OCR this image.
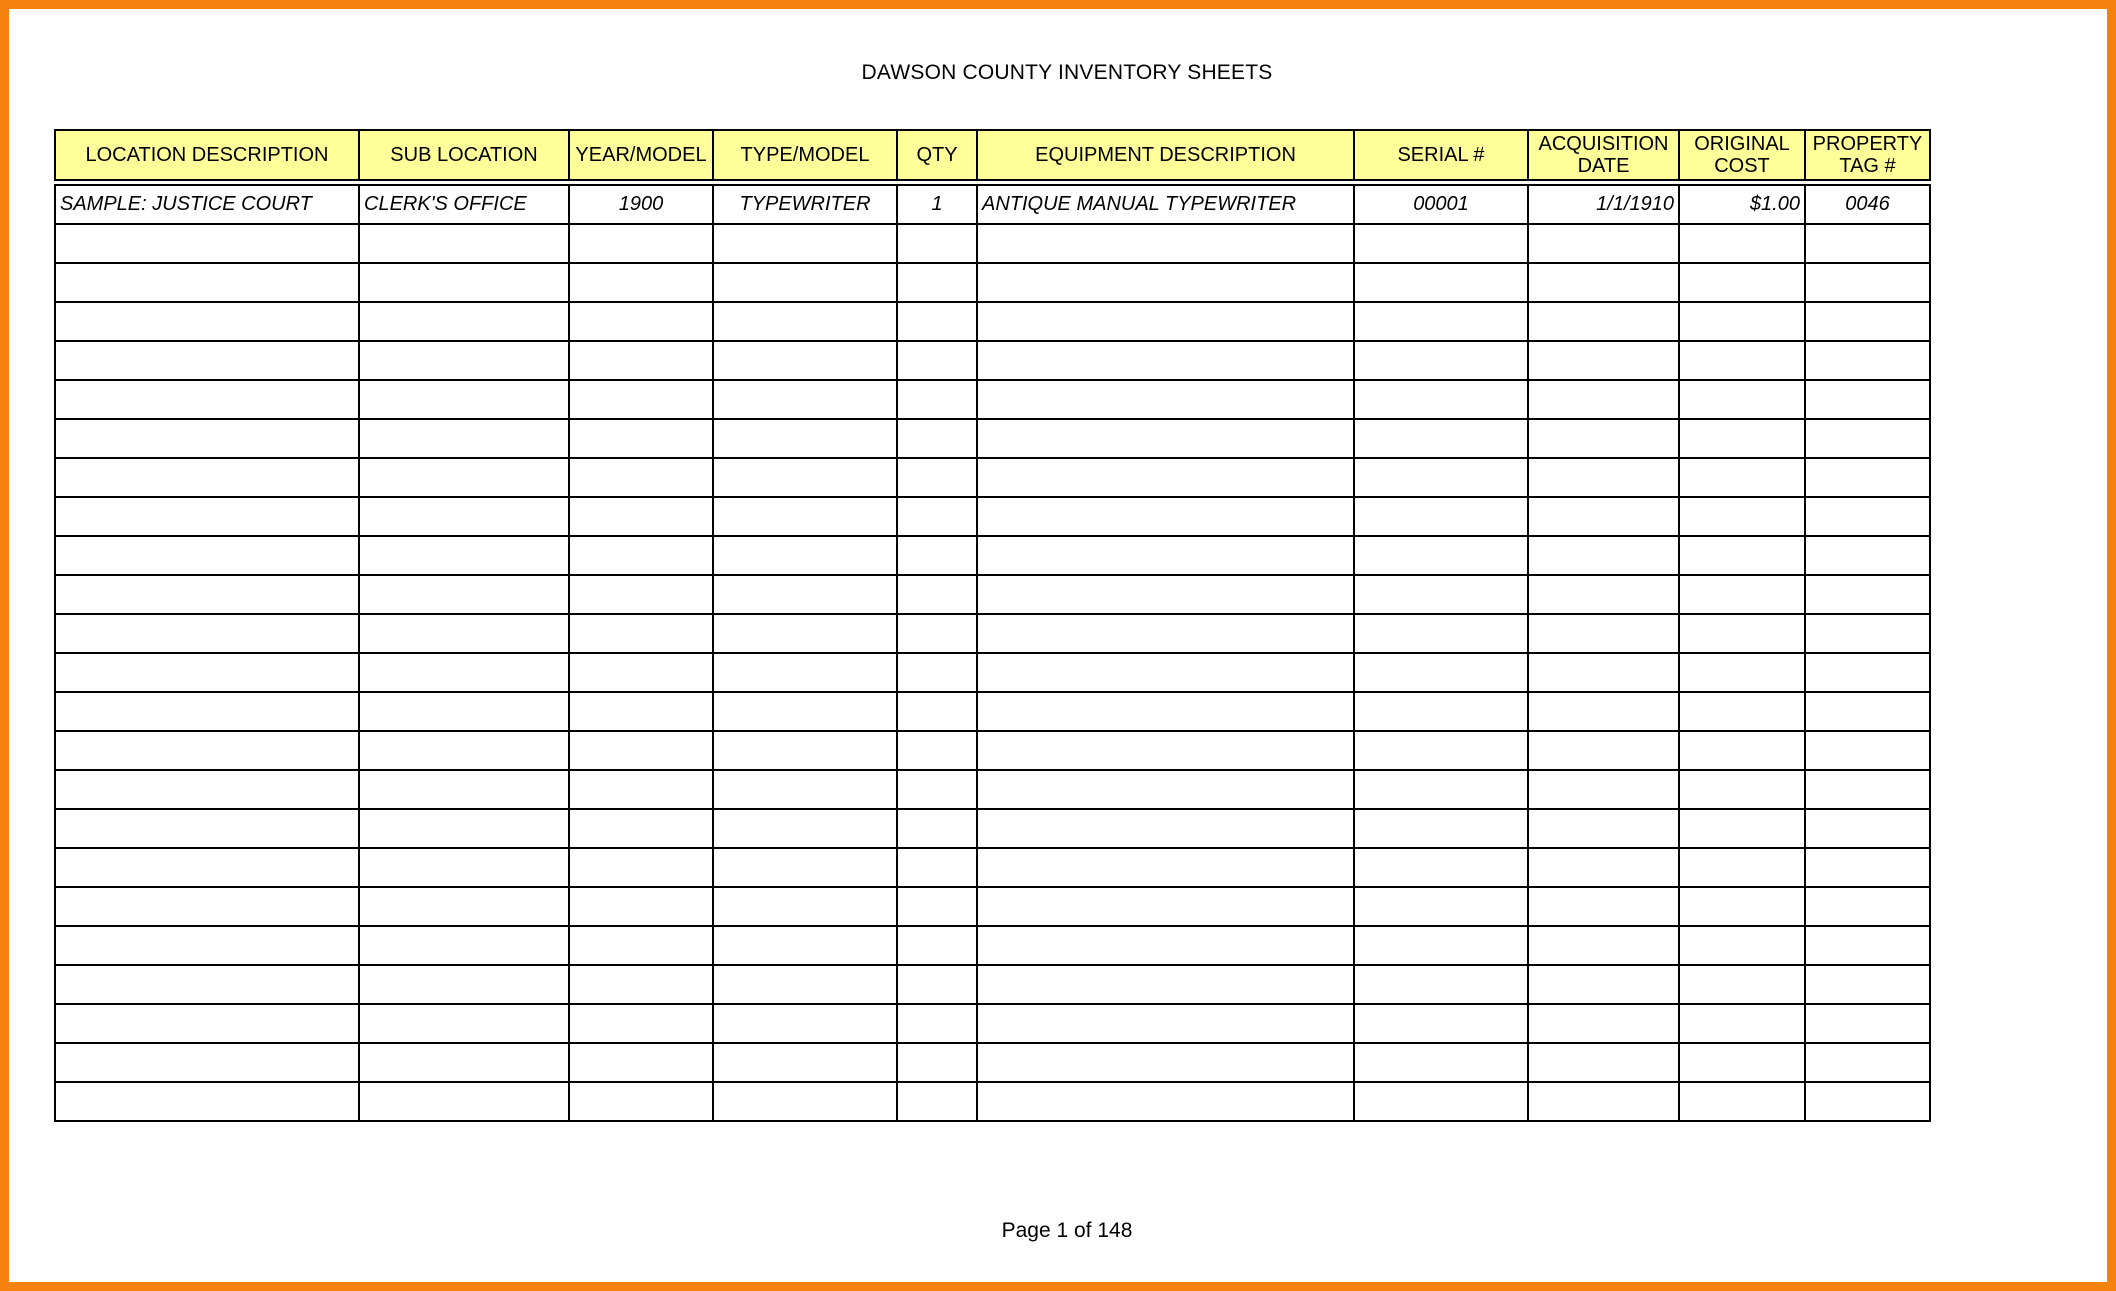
DAWSON COUNTY INVENTORY SHEETS
LOCATION DESCRIPTION	SUB LOCATION	YEAR/MODEL	TYPE/MODEL	QTY	EQUIPMENT DESCRIPTION	SERIAL #	ACQUISITION DATE	ORIGINAL COST	PROPERTY TAG #
SAMPLE: JUSTICE COURT	CLERK'S OFFICE	1900	TYPEWRITER	1	ANTIQUE MANUAL TYPEWRITER	00001	1/1/1910	$1.00	0046

Page 1 of 148
